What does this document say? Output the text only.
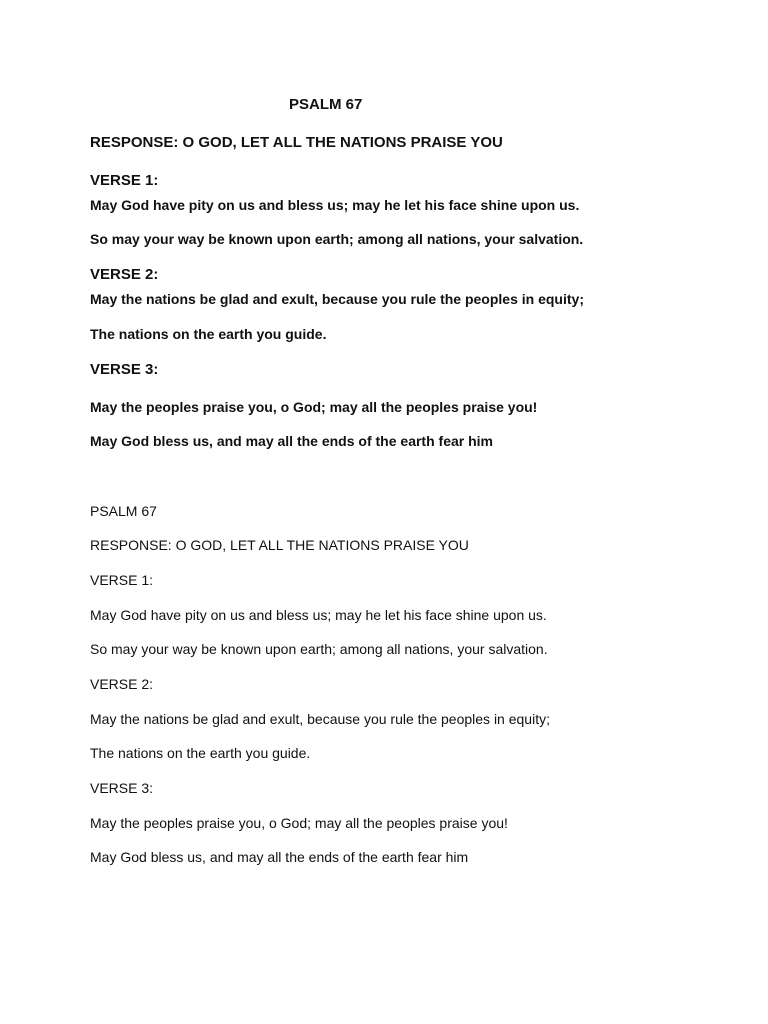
PSALM 67
RESPONSE: O GOD, LET ALL THE NATIONS PRAISE YOU
VERSE 1:
May God have pity on us and bless us; may he let his face shine upon us.
So may your way be known upon earth; among all nations, your salvation.
VERSE 2:
May the nations be glad and exult, because you rule the peoples in equity;
The nations on the earth you guide.
VERSE 3:
May the peoples praise you, o God; may all the peoples praise you!
May God bless us, and may all the ends of the earth fear him
PSALM 67
RESPONSE: O GOD, LET ALL THE NATIONS PRAISE YOU
VERSE 1:
May God have pity on us and bless us; may he let his face shine upon us.
So may your way be known upon earth; among all nations, your salvation.
VERSE 2:
May the nations be glad and exult, because you rule the peoples in equity;
The nations on the earth you guide.
VERSE 3:
May the peoples praise you, o God; may all the peoples praise you!
May God bless us, and may all the ends of the earth fear him
